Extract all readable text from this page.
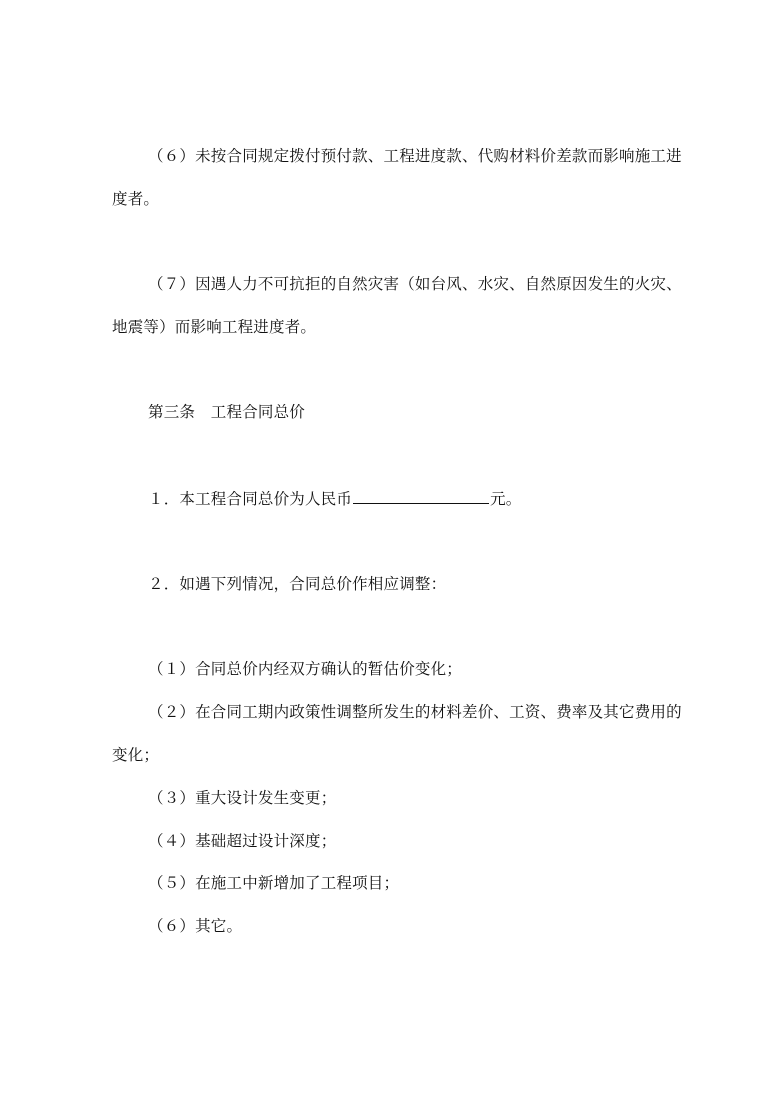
（６）未按合同规定拨付预付款、工程进度款、代购材料价差款而影响施工进
度者。
（７）因遇人力不可抗拒的自然灾害（如台风、水灾、自然原因发生的火灾、
地震等）而影响工程进度者。
第三条　工程合同总价
１．本工程合同总价为人民币	元。
２．如遇下列情况，合同总价作相应调整：
（１）合同总价内经双方确认的暂估价变化；
（２）在合同工期内政策性调整所发生的材料差价、工资、费率及其它费用的
变化；
（３）重大设计发生变更；
（４）基础超过设计深度；
（５）在施工中新增加了工程项目；
（６）其它。
